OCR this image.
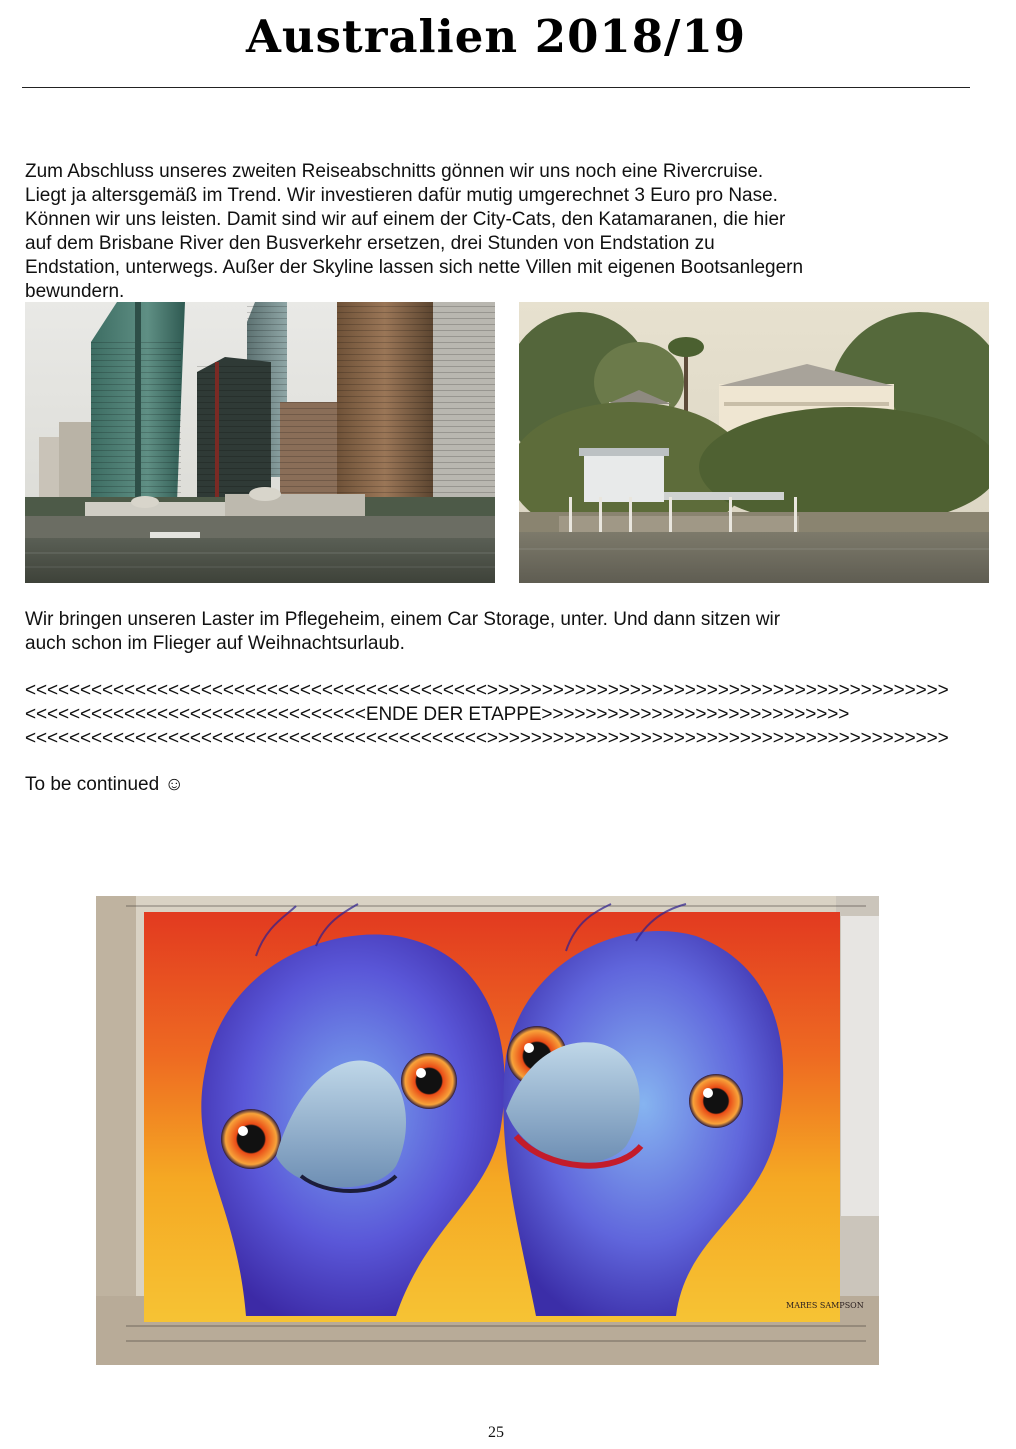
Australien 2018/19

Zum Abschluss unseres zweiten Reiseabschnitts gönnen wir uns noch eine Rivercruise.
Liegt ja altersgemäß im Trend. Wir investieren dafür mutig umgerechnet 3 Euro pro Nase.
Können wir uns leisten. Damit sind wir auf einem der City-Cats, den Katamaranen, die hier
auf dem Brisbane River den Busverkehr ersetzen, drei Stunden von Endstation zu
Endstation, unterwegs. Außer der Skyline lassen sich nette Villen mit eigenen Bootsanlegern
bewundern.

Wir bringen unseren Laster im Pflegeheim, einem Car Storage, unter. Und dann sitzen wir
auch schon im Flieger auf Weihnachtsurlaub.

<<<<<<<<<<<<<<<<<<<<<<<<<<<<<<<<<<<<<<<<<<>>>>>>>>>>>>>>>>>>>>>>>>>>>>>>>>>>>>>>>>>>
<<<<<<<<<<<<<<<<<<<<<<<<<<<<<<<ENDE DER ETAPPE>>>>>>>>>>>>>>>>>>>>>>>>>>>>
<<<<<<<<<<<<<<<<<<<<<<<<<<<<<<<<<<<<<<<<<<>>>>>>>>>>>>>>>>>>>>>>>>>>>>>>>>>>>>>>>>>>
To be continued ☺
MARES SAMPSON
25
